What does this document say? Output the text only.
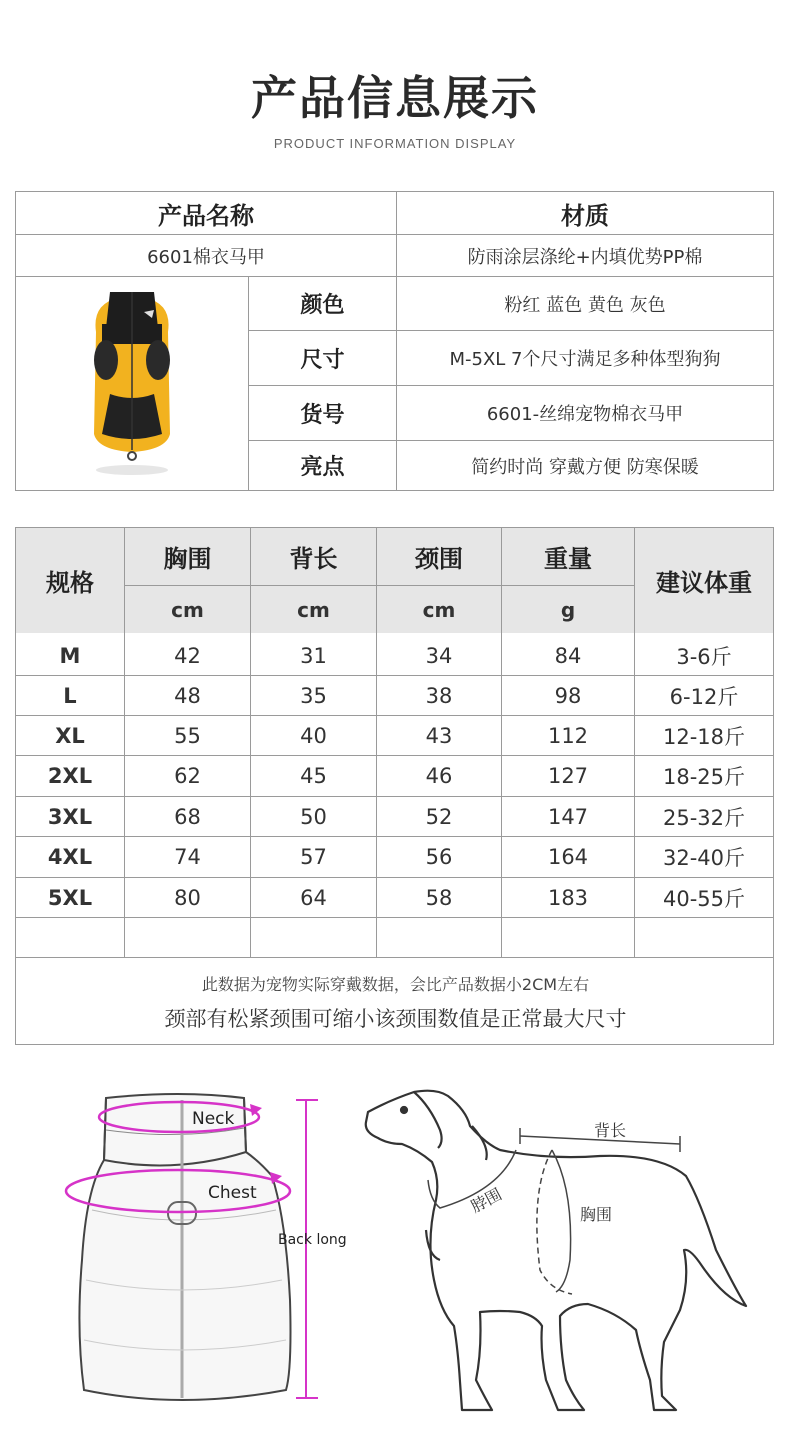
产品信息展示
PRODUCT INFORMATION DISPLAY
产品名称	材质
6601棉衣马甲	防雨涂层涤纶+内填优势PP棉
颜色	粉红 蓝色 黄色 灰色
尺寸	M-5XL 7个尺寸满足多种体型狗狗
货号	6601-丝绵宠物棉衣马甲
亮点	简约时尚 穿戴方便 防寒保暖
规格
胸围	背长	颈围	重量
建议体重
cm	cm	cm	g
M	42	31	34	84	3-6斤
L	48	35	38	98	6-12斤
XL	55	40	43	112	12-18斤
2XL	62	45	46	127	18-25斤
3XL	68	50	52	147	25-32斤
4XL	74	57	56	164	32-40斤
5XL	80	64	58	183	40-55斤
此数据为宠物实际穿戴数据，会比产品数据小2CM左右
颈部有松紧颈围可缩小该颈围数值是正常最大尺寸
Neck
Chest
Back long
背长
脖围	胸围
